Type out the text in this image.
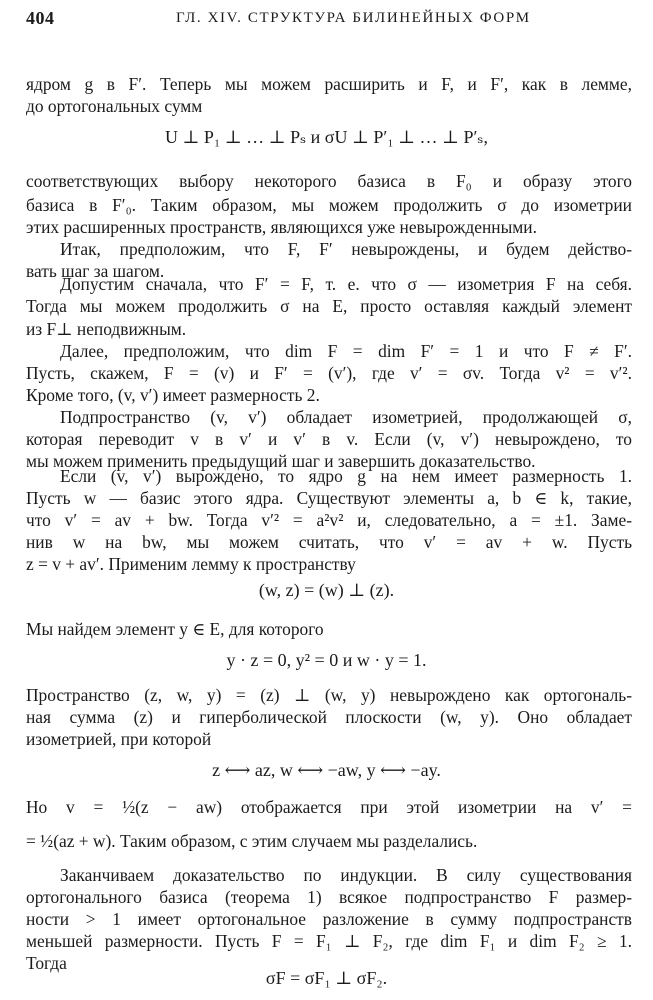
404	ГЛ. XIV. СТРУКТУРА БИЛИНЕЙНЫХ ФОРМ
ядром g в F′. Теперь мы можем расширить и F, и F′, как в лемме,
до ортогональных сумм
U ⊥ P₁ ⊥ … ⊥ Pₛ и σU ⊥ P′₁ ⊥ … ⊥ P′ₛ,
соответствующих выбору некоторого базиса в F₀ и образу этого
базиса в F′₀. Таким образом, мы можем продолжить σ до изометрии
этих расширенных пространств, являющихся уже невырожденными.
Итак, предположим, что F, F′ невырождены, и будем действо-
вать шаг за шагом.
Допустим сначала, что F′ = F, т. е. что σ — изометрия F на себя.
Тогда мы можем продолжить σ на E, просто оставляя каждый элемент
из F⊥ неподвижным.
Далее, предположим, что dim F = dim F′ = 1 и что F ≠ F′.
Пусть, скажем, F = (v) и F′ = (v′), где v′ = σv. Тогда v² = v′².
Кроме того, (v, v′) имеет размерность 2.
Подпространство (v, v′) обладает изометрией, продолжающей σ,
которая переводит v в v′ и v′ в v. Если (v, v′) невырождено, то
мы можем применить предыдущий шаг и завершить доказательство.
Если (v, v′) вырождено, то ядро g на нем имеет размерность 1.
Пусть w — базис этого ядра. Существуют элементы a, b ∈ k, такие,
что v′ = av + bw. Тогда v′² = a²v² и, следовательно, a = ±1. Заме-
нив w на bw, мы можем считать, что v′ = av + w. Пусть
z = v + av′. Применим лемму к пространству
(w, z) = (w) ⊥ (z).
Мы найдем элемент y ∈ E, для которого
y · z = 0, y² = 0 и w · y = 1.
Пространство (z, w, y) = (z) ⊥ (w, y) невырождено как ортогональ-
ная сумма (z) и гиперболической плоскости (w, y). Оно обладает
изометрией, при которой
z ⟷ az, w ⟷ −aw, y ⟷ −ay.
Но v = ½(z − aw) отображается при этой изометрии на v′ =
= ½(az + w). Таким образом, с этим случаем мы разделались.
Заканчиваем доказательство по индукции. В силу существования
ортогонального базиса (теорема 1) всякое подпространство F размер-
ности > 1 имеет ортогональное разложение в сумму подпространств
меньшей размерности. Пусть F = F₁ ⊥ F₂, где dim F₁ и dim F₂ ≥ 1.
Тогда
σF = σF₁ ⊥ σF₂.
